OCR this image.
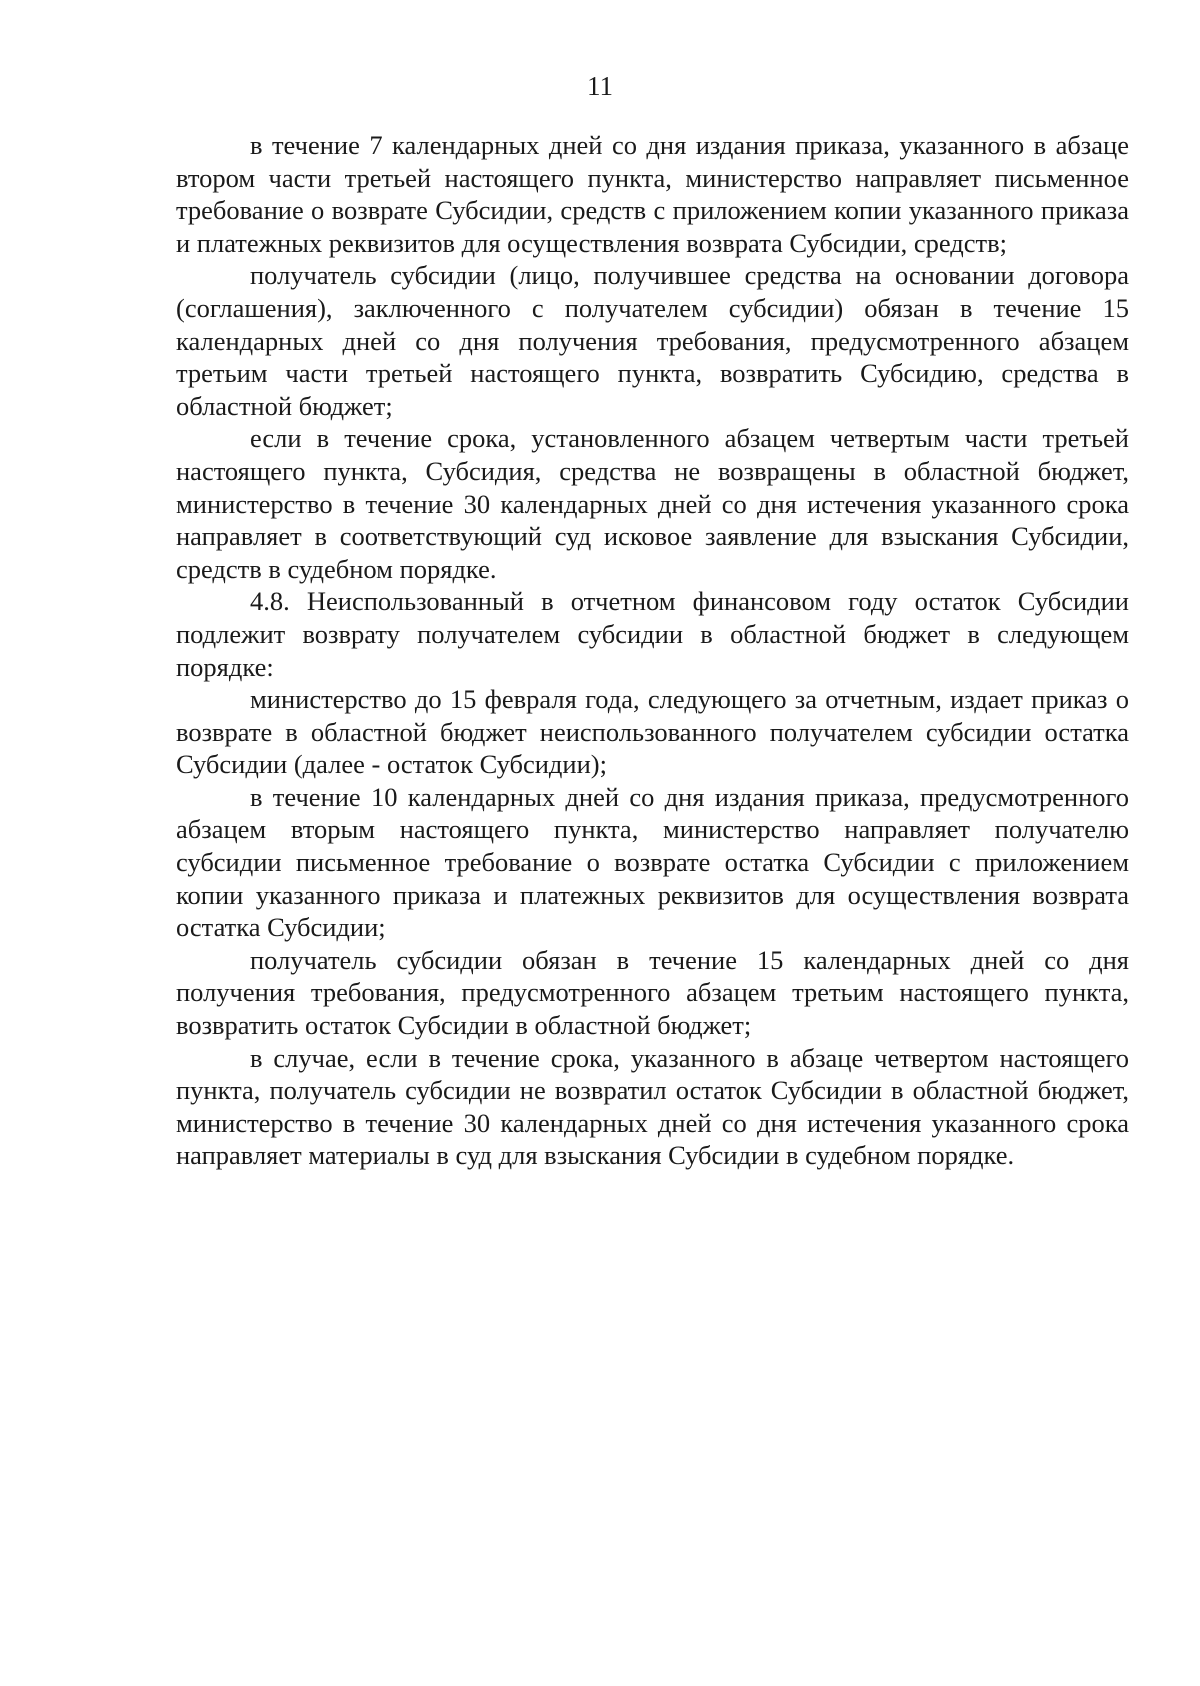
11

в течение 7 календарных дней со дня издания приказа, указанного в абзаце втором части третьей настоящего пункта, министерство направляет письменное требование о возврате Субсидии, средств с приложением копии указанного приказа и платежных реквизитов для осуществления возврата Субсидии, средств;

получатель субсидии (лицо, получившее средства на основании договора (соглашения), заключенного с получателем субсидии) обязан в течение 15 календарных дней со дня получения требования, предусмотренного абзацем третьим части третьей настоящего пункта, возвратить Субсидию, средства в областной бюджет;

если в течение срока, установленного абзацем четвертым части третьей настоящего пункта, Субсидия, средства не возвращены в областной бюджет, министерство в течение 30 календарных дней со дня истечения указанного срока направляет в соответствующий суд исковое заявление для взыскания Субсидии, средств в судебном порядке.

4.8. Неиспользованный в отчетном финансовом году остаток Субсидии подлежит возврату получателем субсидии в областной бюджет в следующем порядке:

министерство до 15 февраля года, следующего за отчетным, издает приказ о возврате в областной бюджет неиспользованного получателем субсидии остатка Субсидии (далее - остаток Субсидии);

в течение 10 календарных дней со дня издания приказа, предусмотренного абзацем вторым настоящего пункта, министерство направляет получателю субсидии письменное требование о возврате остатка Субсидии с приложением копии указанного приказа и платежных реквизитов для осуществления возврата остатка Субсидии;

получатель субсидии обязан в течение 15 календарных дней со дня получения требования, предусмотренного абзацем третьим настоящего пункта, возвратить остаток Субсидии в областной бюджет;

в случае, если в течение срока, указанного в абзаце четвертом настоящего пункта, получатель субсидии не возвратил остаток Субсидии в областной бюджет, министерство в течение 30 календарных дней со дня истечения указанного срока направляет материалы в суд для взыскания Субсидии в судебном порядке.
